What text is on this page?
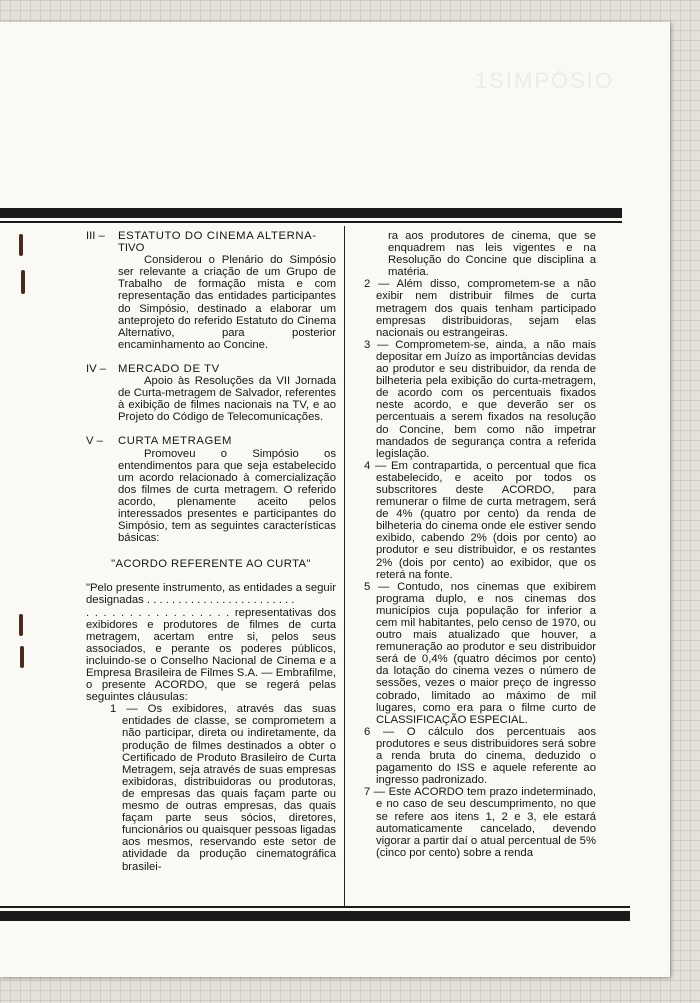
1SIMPÓSIO
III –	ESTATUTO DO CINEMA ALTERNA-

TIVO

Considerou o Plenário do Simpósio ser relevante a criação de um Grupo de Trabalho de formação mista e com representação das entidades participantes do Simpósio, destinado a elaborar um anteprojeto do referido Estatuto do Cinema Alternativo, para posterior encaminhamento ao Concine.

IV –	MERCADO DE TV

Apoio às Resoluções da VII Jornada de Curta-metragem de Salvador, referentes à exibição de filmes nacionais na TV, e ao Projeto do Código de Telecomunicações.

V –	CURTA METRAGEM

Promoveu o Simpósio os entendimentos para que seja estabelecido um acordo relacionado à comercialização dos filmes de curta metragem. O referido acordo, plenamente aceito pelos interessados presentes e participantes do Simpósio, tem as seguintes características básicas:

"ACORDO REFERENTE AO CURTA"

"Pelo presente instrumento, as entidades a seguir designadas . . . . . . . . . . . . . . . . . . . . . . . .

. . . . . . . . . . . . . . . . . representativas dos exibidores e produtores de filmes de curta metragem, acertam entre si, pelos seus associados, e perante os poderes públicos, incluindo-se o Conselho Nacional de Cinema e a Empresa Brasileira de Filmes S.A. — Embrafilme, o presente ACORDO, que se regerá pelas seguintes cláusulas:

1 — Os exibidores, através das suas entidades de classe, se comprometem a não participar, direta ou indiretamente, da produção de filmes destinados a obter o Certificado de Produto Brasileiro de Curta Metragem, seja através de suas empresas exibidoras, distribuidoras ou produtoras, de empresas das quais façam parte ou mesmo de outras empresas, das quais façam parte seus sócios, diretores, funcionários ou quaisquer pessoas ligadas aos mesmos, reservando este setor de atividade da produção cinematográfica brasilei-

ra aos produtores de cinema, que se enquadrem nas leis vigentes e na Resolução do Concine que disciplina a matéria.

2 — Além disso, comprometem-se a não exibir nem distribuir filmes de curta metragem dos quais tenham participado empresas distribuidoras, sejam elas nacionais ou estrangeiras.

3 — Comprometem-se, ainda, a não mais depositar em Juízo as importâncias devidas ao produtor e seu distribuidor, da renda de bilheteria pela exibição do curta-metragem, de acordo com os percentuais fixados neste acordo, e que deverão ser os percentuais a serem fixados na resolução do Concine, bem como não impetrar mandados de segurança contra a referida legislação.

4 — Em contrapartida, o percentual que fica estabelecido, e aceito por todos os subscritores deste ACORDO, para remunerar o filme de curta metragem, será de 4% (quatro por cento) da renda de bilheteria do cinema onde ele estiver sendo exibido, cabendo 2% (dois por cento) ao produtor e seu distribuidor, e os restantes 2% (dois por cento) ao exibidor, que os reterá na fonte.

5 — Contudo, nos cinemas que exibirem programa duplo, e nos cinemas dos municípios cuja população for inferior a cem mil habitantes, pelo censo de 1970, ou outro mais atualizado que houver, a remuneração ao produtor e seu distribuidor será de 0,4% (quatro décimos por cento) da lotação do cinema vezes o número de sessões, vezes o maior preço de ingresso cobrado, limitado ao máximo de mil lugares, como era para o filme curto de CLASSIFICAÇÃO ESPECIAL.

6 — O cálculo dos percentuais aos produtores e seus distribuidores será sobre a renda bruta do cinema, deduzido o pagamento do ISS e aquele referente ao ingresso padronizado.

7 — Este ACORDO tem prazo indeterminado, e no caso de seu descumprimento, no que se refere aos itens 1, 2 e 3, ele estará automaticamente cancelado, devendo vigorar a partir daí o atual percentual de 5% (cinco por cento) sobre a renda
